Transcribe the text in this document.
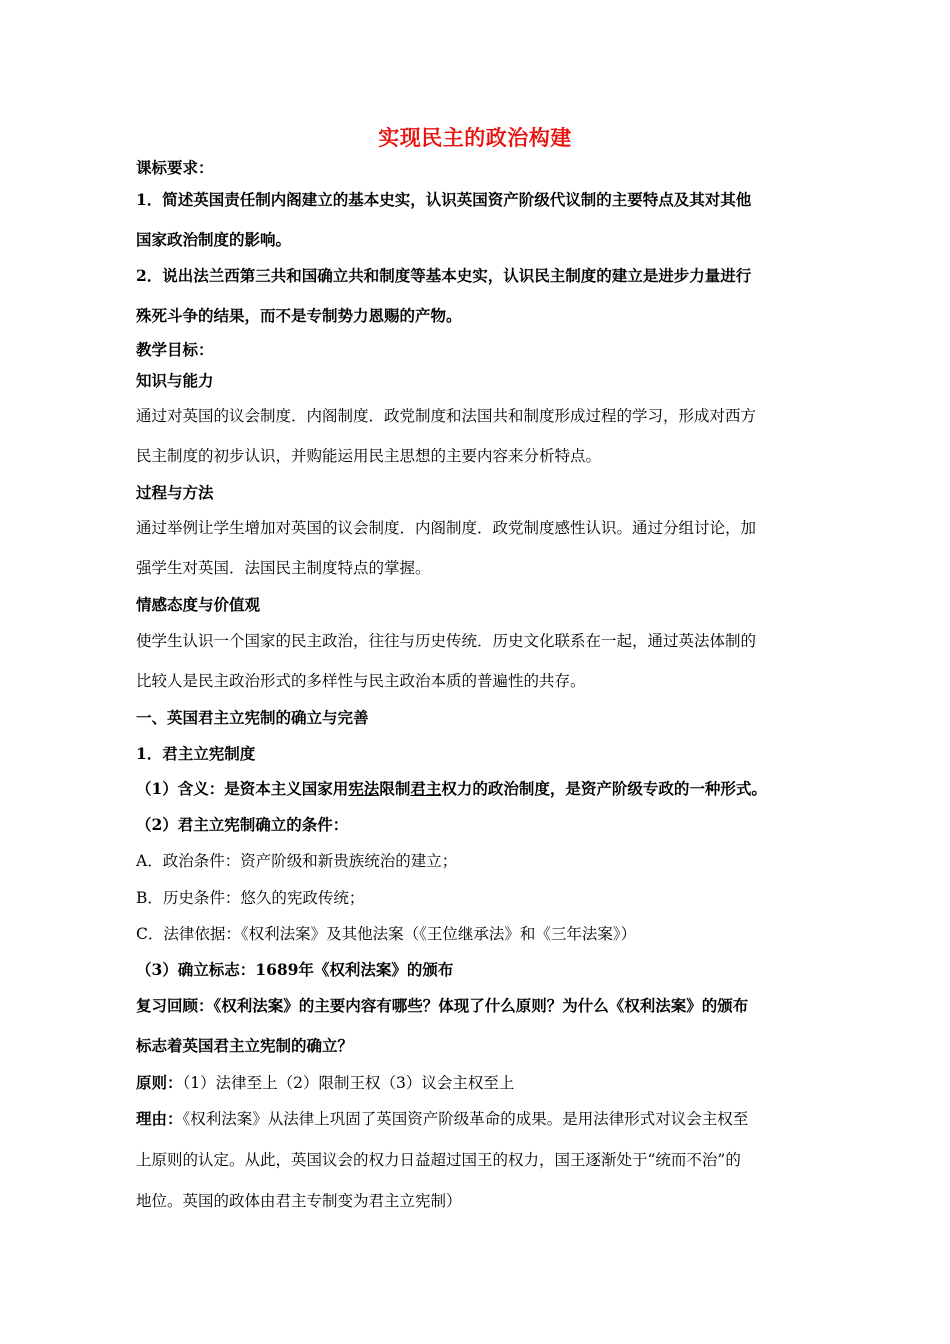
实现民主的政治构建
课标要求：
1．简述英国责任制内阁建立的基本史实，认识英国资产阶级代议制的主要特点及其对其他
国家政治制度的影响。
2．说出法兰西第三共和国确立共和制度等基本史实，认识民主制度的建立是进步力量进行
殊死斗争的结果，而不是专制势力恩赐的产物。
教学目标：
知识与能力
通过对英国的议会制度．内阁制度．政党制度和法国共和制度形成过程的学习，形成对西方
民主制度的初步认识，并购能运用民主思想的主要内容来分析特点。
过程与方法
通过举例让学生增加对英国的议会制度．内阁制度．政党制度感性认识。通过分组讨论，加
强学生对英国．法国民主制度特点的掌握。
情感态度与价值观
使学生认识一个国家的民主政治，往往与历史传统．历史文化联系在一起，通过英法体制的
比较人是民主政治形式的多样性与民主政治本质的普遍性的共存。
一、英国君主立宪制的确立与完善
1．君主立宪制度
（1）含义：是资本主义国家用宪法限制君主权力的政治制度，是资产阶级专政的一种形式。
（2）君主立宪制确立的条件：
A．政治条件：资产阶级和新贵族统治的建立；
B．历史条件：悠久的宪政传统；
C．法律依据：《权利法案》及其他法案（《王位继承法》和《三年法案》）
（3）确立标志：1689年《权利法案》的颁布
复习回顾：《权利法案》的主要内容有哪些？体现了什么原则？为什么《权利法案》的颁布
标志着英国君主立宪制的确立？
原则：（1）法律至上（2）限制王权（3）议会主权至上
理由：《权利法案》从法律上巩固了英国资产阶级革命的成果。是用法律形式对议会主权至
上原则的认定。从此，英国议会的权力日益超过国王的权力，国王逐渐处于“统而不治”的
地位。英国的政体由君主专制变为君主立宪制）
